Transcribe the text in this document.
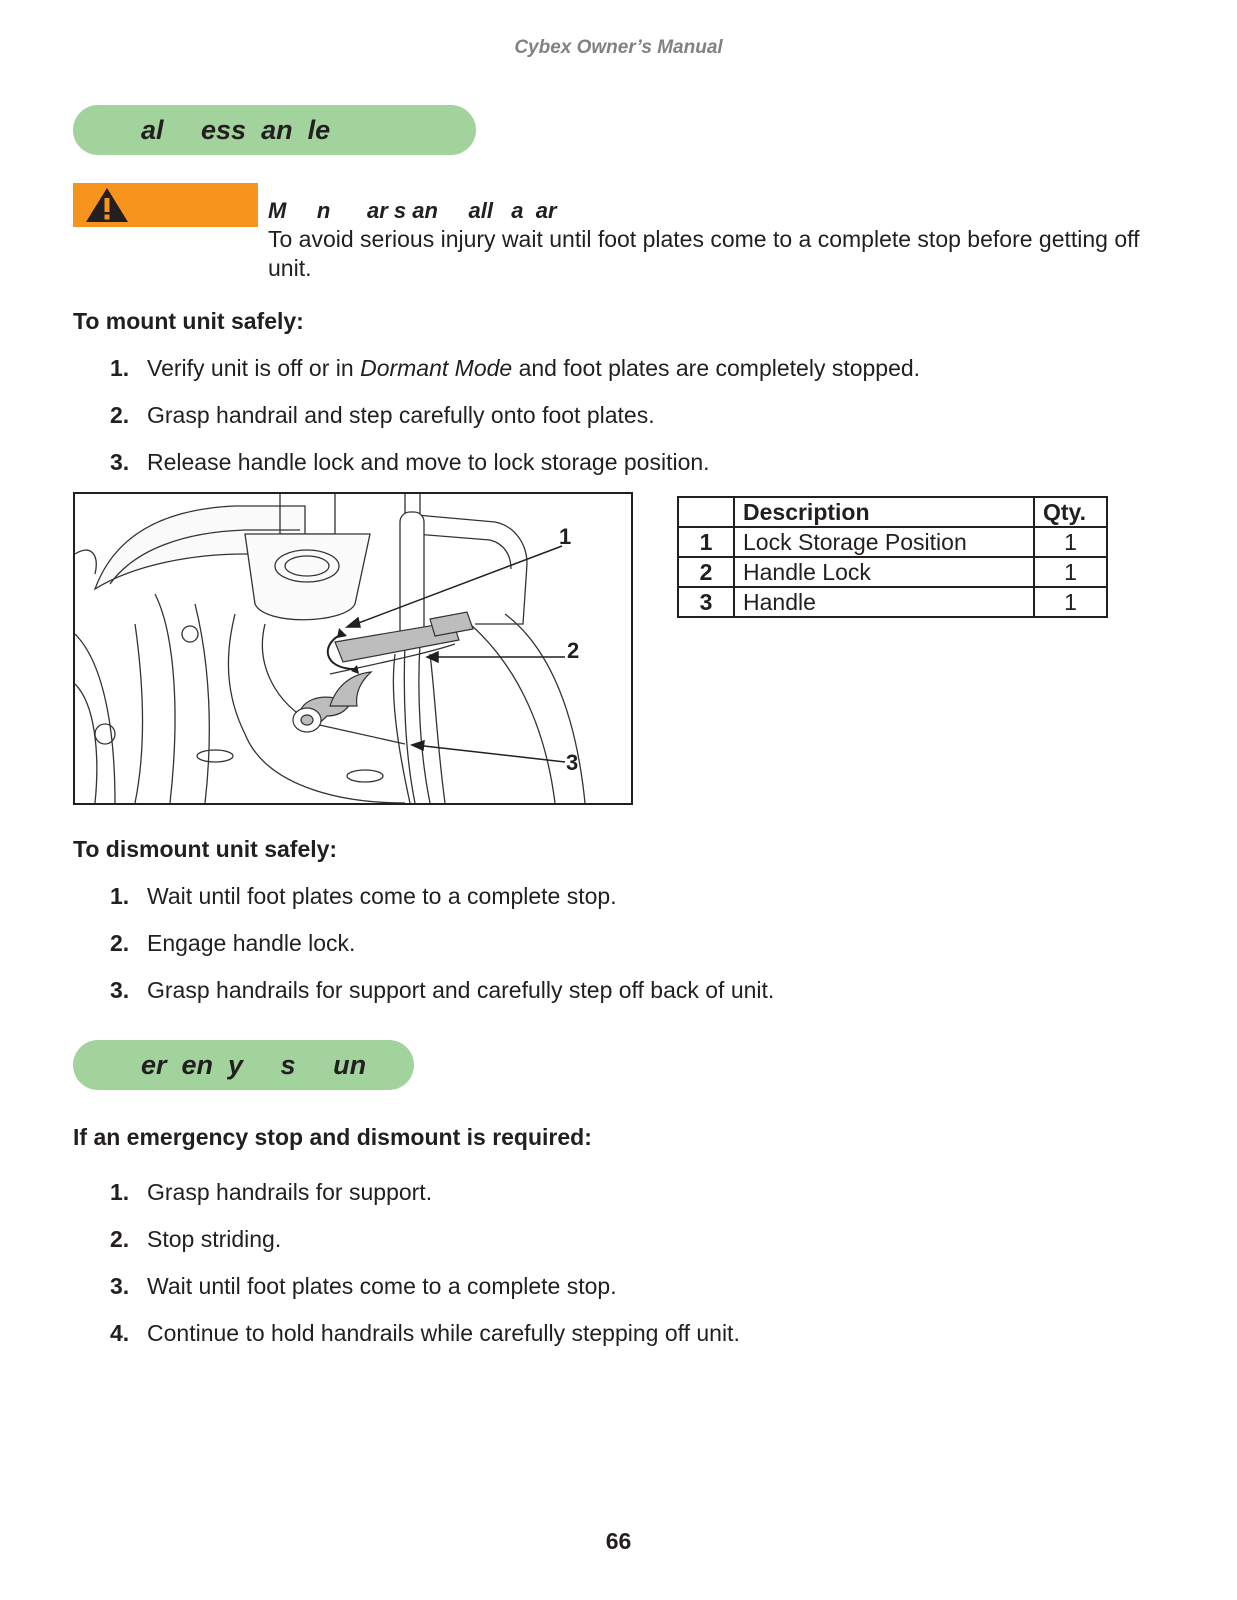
Cybex Owner’s Manual
al     ess  an  le
M     n      ar s an     all   a  ar
To avoid serious injury wait until foot plates come to a complete stop before getting off unit.
To mount unit safely:
1. Verify unit is off or in Dormant Mode and foot plates are completely stopped.
2. Grasp handrail and step carefully onto foot plates.
3. Release handle lock and move to lock storage position.
1
2
3
	Description	Qty.
1	Lock Storage Position	1
2	Handle Lock	1
3	Handle	1
To dismount unit safely:
1. Wait until foot plates come to a complete stop.
2. Engage handle lock.
3. Grasp handrails for support and carefully step off back of unit.
er  en  y     s     un
If an emergency stop and dismount is required:
1. Grasp handrails for support.
2. Stop striding.
3. Wait until foot plates come to a complete stop.
4. Continue to hold handrails while carefully stepping off unit.
66
